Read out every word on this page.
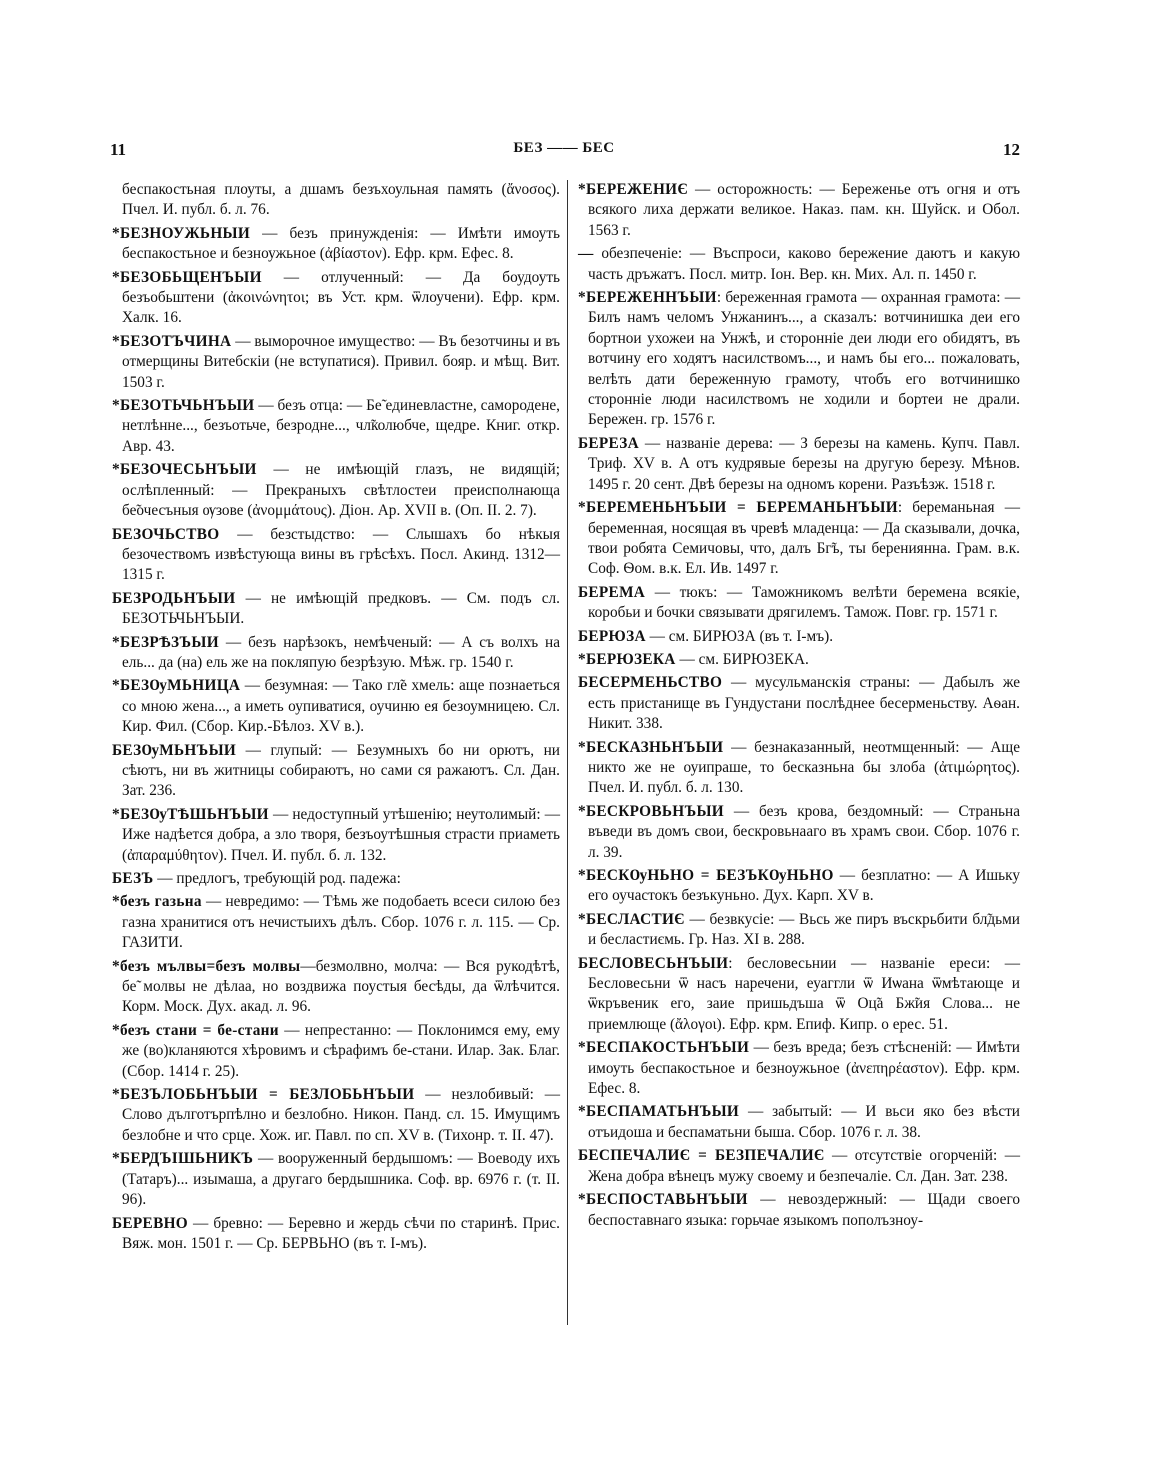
11	БЕЗ —— БЕС	12

беспакостьная плоуты, а дшамъ безъхоульная память (ἄνοσος). Пчел. И. публ. б. л. 76.

*БЕЗНОУЖЬНЫИ — безъ принужденія: — Имѣти имоуть беспакостьное и безноужьное (ἀβίαστον). Ефр. крм. Ефес. 8.

*БЕЗОБЬЩЕНЪЫИ — отлученный: — Да боудоуть безъобьштени (ἀκοινώνητοι; въ Уст. крм. ѿлоучени). Ефр. крм. Халк. 16.

*БЕЗОТЪЧИНА — выморочное имущество: — Въ безотчины и въ отмерщины Витебскіи (не вступатися). Привил. бояр. и мѣщ. Вит. 1503 г.

*БЕЗОТЬЧЬНЪЫИ — безъ отца: — Бе̃ единевластне, самородене, нетлѣнне..., безъотьче, безродне..., чл̃колюбче, щедре. Книг. откр. Авр. 43.

*БЕЗОЧЕСЬНЪЫИ — не имѣющій глазъ, не видящій; ослѣпленный: — Прекраныхъ свѣтлостеи преисполнающа бе̃очесъныя ѹзове (ἀνομμάτους). Діон. Ар. XVII в. (Оп. II. 2. 7).

БЕЗОЧЬСТВО — безстыдство: — Слышахъ бо нѣкыя безочествомъ извѣстующа вины въ грѣсѣхъ. Посл. Акинд. 1312—1315 г.

БЕЗРОДЬНЪЫИ — не имѣющій предковъ. — См. подъ сл. БЕЗОТЬЧЬНЪЫИ.

*БЕЗРѢЗЪЫИ — безъ нарѣзокъ, немѣченый: — А съ волхъ на ель... да (на) ель же на покляпую безрѣзую. Мѣж. гр. 1540 г.

*БЕЗѸМЬНИЦА — безумная: — Тако гл̃е хмель: аще познаеться со мною жена..., а иметь оупиватися, оучиню ея безоумницею. Сл. Кир. Фил. (Сбор. Кир.-Бѣлоз. XV в.).

БЕЗѸМЬНЪЫИ — глупый: — Безумныхъ бо ни орютъ, ни сѣютъ, ни въ житницы собираютъ, но сами ся ражаютъ. Сл. Дан. Зат. 236.

*БЕЗѸТѢШЬНЪЫИ — недоступный утѣшенію; неутолимый: — Иже надѣется добра, а зло творя, безъоутѣшныя страсти приаметь (ἀπαραμύθητον). Пчел. И. публ. б. л. 132.

БЕЗЪ — предлогъ, требующій род. падежа:

*безъ газьна — невредимо: — Тѣмь же подобаеть всеси силою без газна хранитися отъ нечистыихъ дѣлъ. Сбор. 1076 г. л. 115. — Ср. ГАЗИТИ.

*безъ мълвы=безъ молвы—безмолвно, молча: — Вся рукодѣтѣ, бе̃ молвы не дѣлаа, но воздвижа поустыя бесѣды, да ѿлѣчится. Корм. Моск. Дух. акад. л. 96.

*безъ стани = бе-стани — непрестанно: — Поклонимся ему, ему же (во)кланяются хѣровимъ и сѣрафимъ бе-стани. Илар. Зак. Благ. (Сбор. 1414 г. 25).

*БЕЗЪЛОБЬНЪЫИ = БЕЗЛОБЬНЪЫИ — незлобивый: — Слово дълготърпѣлно и безлобно. Никон. Панд. сл. 15. Имущимъ безлобне и что срце. Хож. иг. Павл. по сп. XV в. (Тихонр. т. II. 47).

*БЕРДЪІШЬНИКЪ — вооруженный бердышомъ: — Воеводу ихъ (Татаръ)... изымаша, а другаго бердышника. Соф. вр. 6976 г. (т. II. 96).

БЕРЕВНО — бревно: — Беревно и жердь сѣчи по старинѣ. Прис. Вяж. мон. 1501 г. — Ср. БЕРВЬНО (въ т. I-мъ).

*БЕРЕЖЕНИЄ — осторожность: — Береженье отъ огня и отъ всякого лиха держати великое. Наказ. пам. кн. Шуйск. и Обол. 1563 г.

— обезпеченіе: — Въспроси, каково бережение даютъ и какую часть дръжатъ. Посл. митр. Іон. Вер. кн. Мих. Ал. п. 1450 г.

*БЕРЕЖЕННЪЫИ: береженная грамота — охранная грамота: — Билъ намъ челомъ Унжанинъ..., а сказалъ: вотчинишка деи его бортнои ухожеи на Унжѣ, и сторонніе деи люди его обидятъ, въ вотчину его ходятъ насилствомъ..., и намъ бы его... пожаловать, велѣть дати береженную грамоту, чтобъ его вотчинишко сторонніе люди насилствомъ не ходили и бортеи не драли. Бережен. гр. 1576 г.

БЕРЕЗА — названіе дерева: — З березы на камень. Купч. Павл. Триф. XV в. А отъ кудрявые березы на другую березу. Мѣнов. 1495 г. 20 сент. Двѣ березы на одномъ корени. Разъѣзж. 1518 г.

*БЕРЕМЕНЬНЪЫИ = БЕРЕМАНЬНЪЫИ: береманьная — беременная, носящая въ чревѣ младенца: — Да сказывали, дочка, твои робята Семичовы, что, далъ Бг̃ъ, ты берениянна. Грам. в.к. Соф. Ѳом. в.к. Ел. Ив. 1497 г.

БЕРЕМА — тюкъ: — Таможникомъ велѣти беремена всякіе, коробьи и бочки связывати дрягилемъ. Тамож. Повг. гр. 1571 г.

БЕРЮЗА — см. БИРЮЗА (въ т. I-мъ).

*БЕРЮЗЕКА — см. БИРЮЗЕКА.

БЕСЕРМЕНЬСТВО — мусульманскія страны: — Дабылъ же есть пристанище въ Гундустани послѣднее бесерменьству. Аѳан. Никит. 338.

*БЕСКАЗНЬНЪЫИ — безнаказанный, неотмщенный: — Аще никто же не оуипраше, то бесказньна бы злоба (ἀτιμώρητος). Пчел. И. публ. б. л. 130.

*БЕСКРОВЬНЪЫИ — безъ крова, бездомный: — Страньна въведи въ домъ свои, бескровьнааго въ храмъ свои. Сбор. 1076 г. л. 39.

*БЕСКѸНЬНО = БЕЗЪКѸНЬНО — безплатно: — А Ишьку его оучастокъ безъкуньно. Дух. Карп. XV в.

*БЕСЛАСТИЄ — безвкусіе: — Вьсь же пиръ въскрьбити бл̃дьми и бесластиємь. Гр. Наз. XI в. 288.

БЕСЛОВЕСЬНЪЫИ: бесловесьнии — названіе ереси: — Бесловесьни ѿ насъ наречени, еуаггли ѿ Иѡана ѿмѣтающе и ѿкръвеник его, заие пришьдъша ѿ Оц̃а Бж̃ия Слова... не приемлюще (ἄλογοι). Ефр. крм. Епиф. Кипр. о ерес. 51.

*БЕСПАКОСТЬНЪЫИ — безъ вреда; безъ стѣсненій: — Имѣти имоуть беспакостьное и безноужьное (ἀνεπηρέαστον). Ефр. крм. Ефес. 8.

*БЕСПАМАТЬНЪЫИ — забытый: — И вьси яко без вѣсти отъидоша и беспаматьни быша. Сбор. 1076 г. л. 38.

БЕСПЕЧАЛИЄ = БЕЗПЕЧАЛИЄ — отсутствіе огорченій: — Жена добра вѣнецъ мужу своему и безпечаліе. Сл. Дан. Зат. 238.

*БЕСПОСТАВЬНЪЫИ — невоздержный: — Щади своего беспоставнаго языка: горьчае языкомъ пополъзноу-
